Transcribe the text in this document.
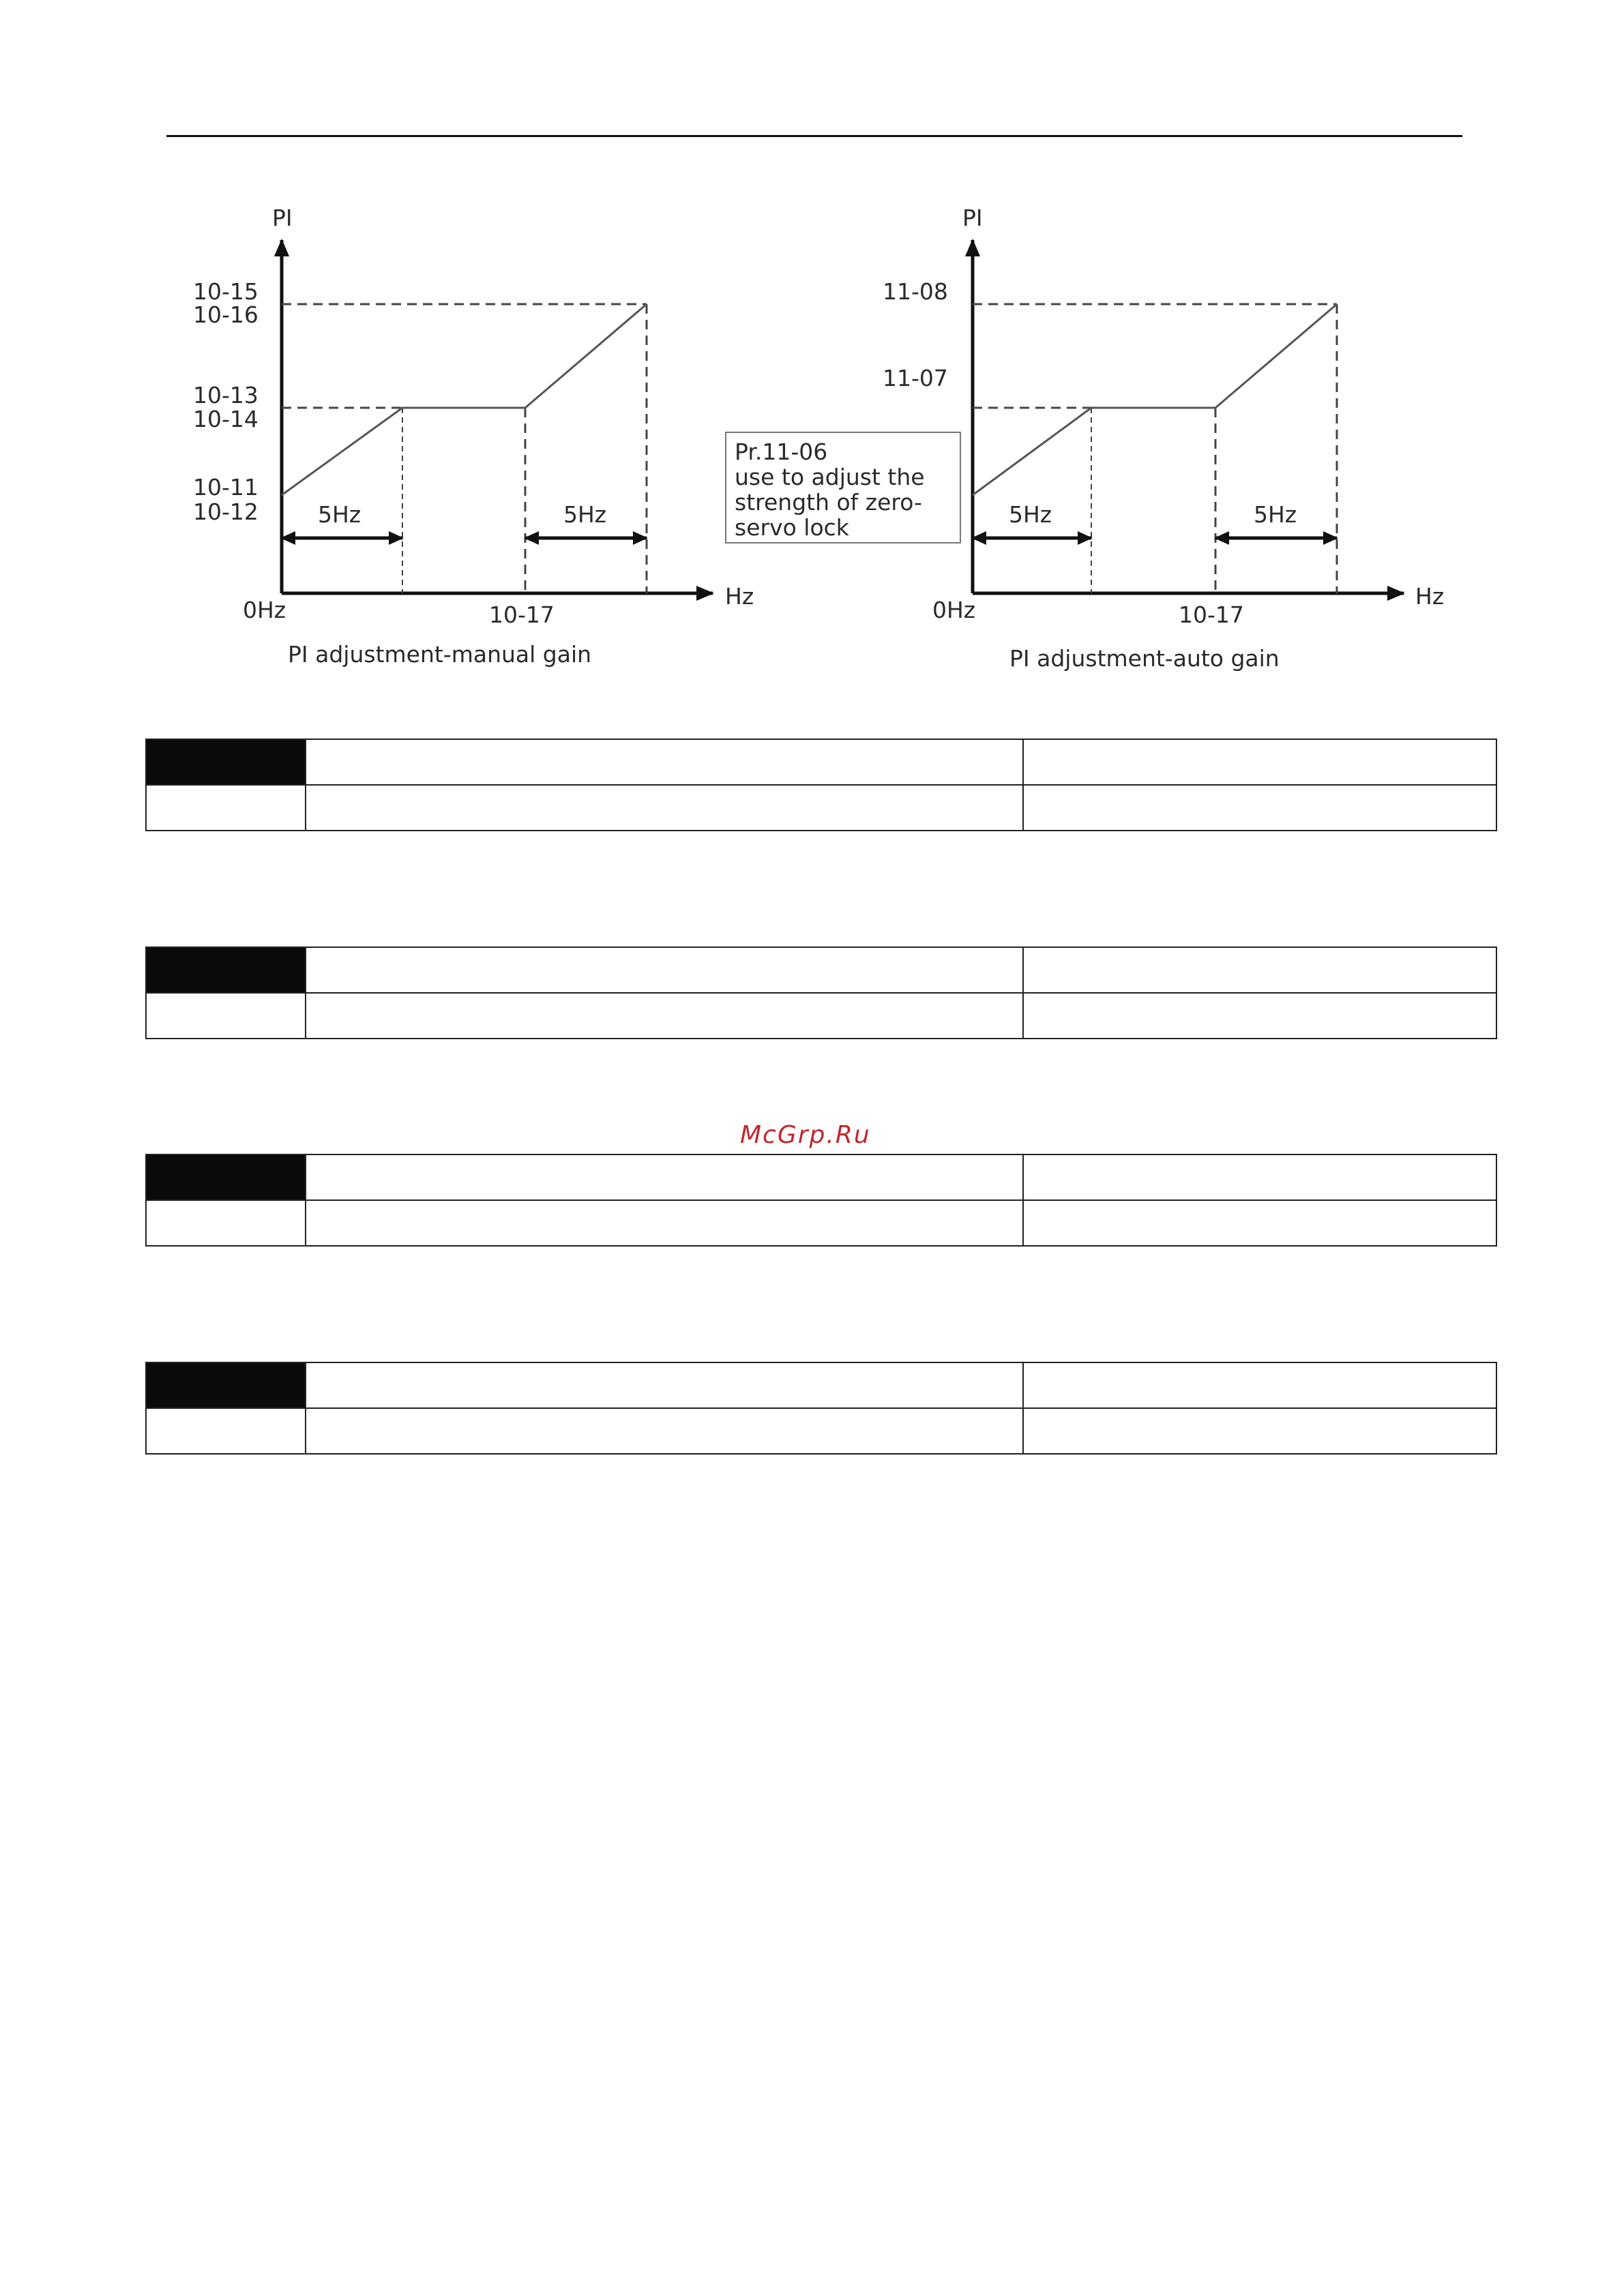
PI
Hz
0Hz
10-15
10-16
10-13
10-14
10-11
10-12
10-17
5Hz	5Hz
PI adjustment-manual gain
Pr.11-06
use to adjust the
strength of zero-
servo lock
PI
Hz
0Hz
11-08
11-07
10-17
5Hz	5Hz
PI adjustment-auto gain

McGrp.Ru
